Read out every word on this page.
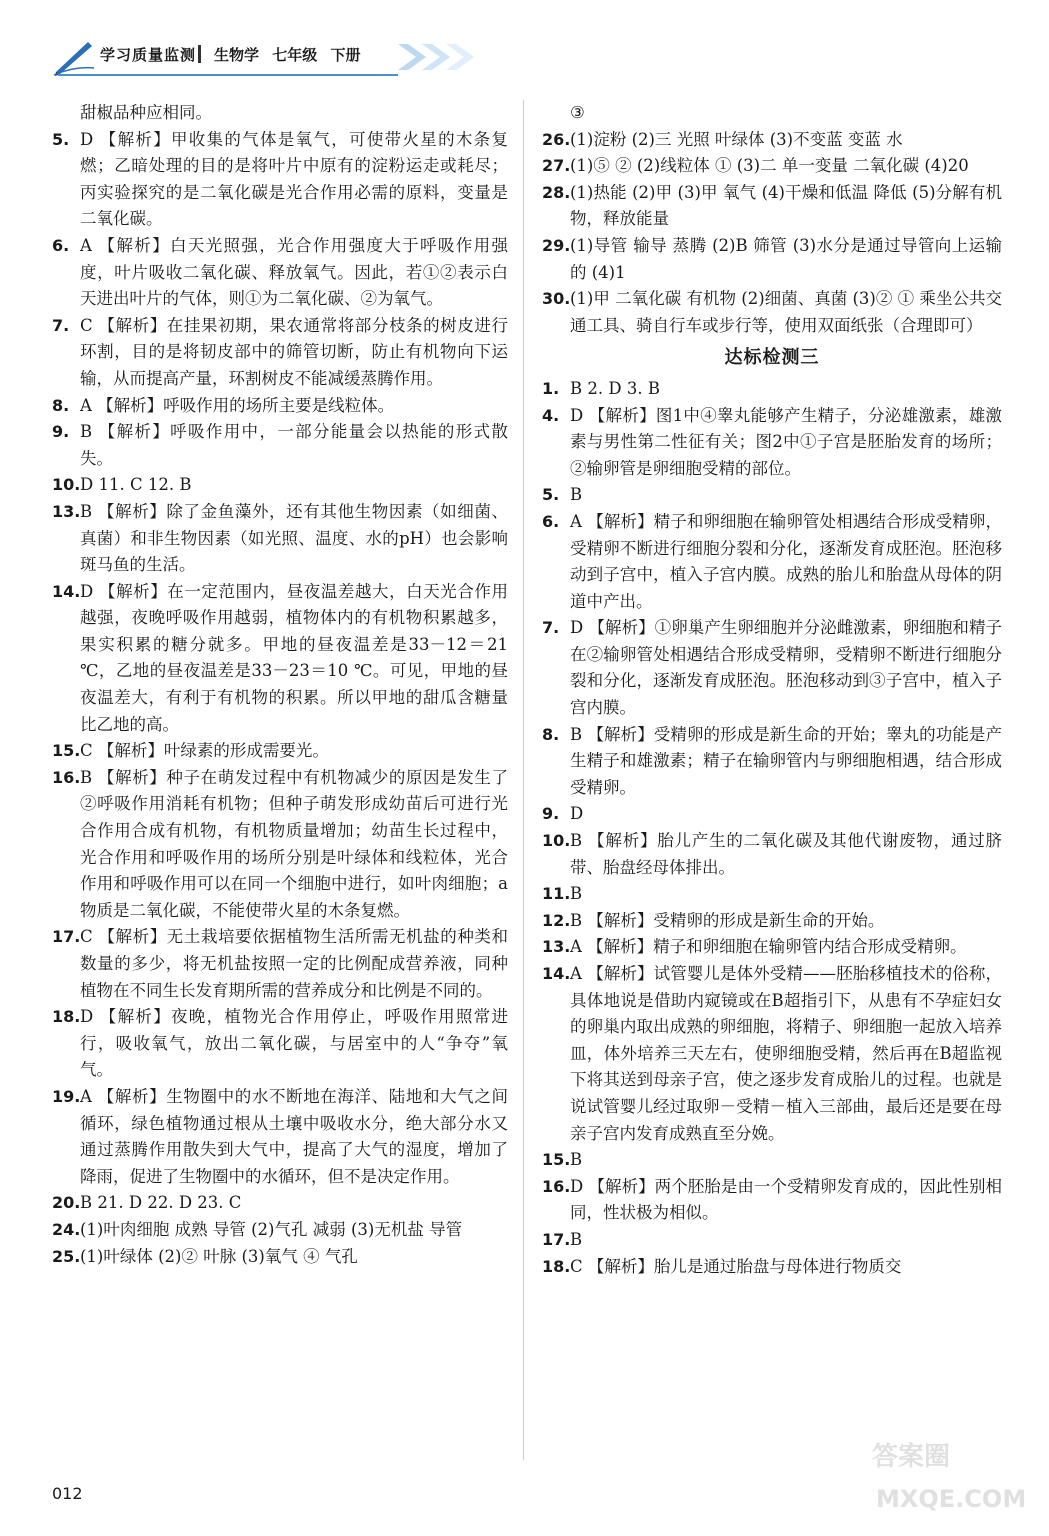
学习质量监测 生物学 七年级 下册
甜椒品种应相同。
5. D 【解析】甲收集的气体是氧气，可使带火星的木条复燃；乙暗处理的目的是将叶片中原有的淀粉运走或耗尽；丙实验探究的是二氧化碳是光合作用必需的原料，变量是二氧化碳。
6. A 【解析】白天光照强，光合作用强度大于呼吸作用强度，叶片吸收二氧化碳、释放氧气。因此，若①②表示白天进出叶片的气体，则①为二氧化碳、②为氧气。
7. C 【解析】在挂果初期，果农通常将部分枝条的树皮进行环割，目的是将韧皮部中的筛管切断，防止有机物向下运输，从而提高产量，环割树皮不能减缓蒸腾作用。
8. A 【解析】呼吸作用的场所主要是线粒体。
9. B 【解析】呼吸作用中，一部分能量会以热能的形式散失。
10. D 11. C 12. B
13. B 【解析】除了金鱼藻外，还有其他生物因素（如细菌、真菌）和非生物因素（如光照、温度、水的pH）也会影响斑马鱼的生活。
14. D 【解析】在一定范围内，昼夜温差越大，白天光合作用越强，夜晚呼吸作用越弱，植物体内的有机物积累越多，果实积累的糖分就多。甲地的昼夜温差是33－12＝21 ℃，乙地的昼夜温差是33－23＝10 ℃。可见，甲地的昼夜温差大，有利于有机物的积累。所以甲地的甜瓜含糖量比乙地的高。
15. C 【解析】叶绿素的形成需要光。
16. B 【解析】种子在萌发过程中有机物减少的原因是发生了②呼吸作用消耗有机物；但种子萌发形成幼苗后可进行光合作用合成有机物，有机物质量增加；幼苗生长过程中，光合作用和呼吸作用的场所分别是叶绿体和线粒体，光合作用和呼吸作用可以在同一个细胞中进行，如叶肉细胞；a物质是二氧化碳，不能使带火星的木条复燃。
17. C 【解析】无土栽培要依据植物生活所需无机盐的种类和数量的多少，将无机盐按照一定的比例配成营养液，同种植物在不同生长发育期所需的营养成分和比例是不同的。
18. D 【解析】夜晚，植物光合作用停止，呼吸作用照常进行，吸收氧气，放出二氧化碳，与居室中的人“争夺”氧气。
19. A 【解析】生物圈中的水不断地在海洋、陆地和大气之间循环，绿色植物通过根从土壤中吸收水分，绝大部分水又通过蒸腾作用散失到大气中，提高了大气的湿度，增加了降雨，促进了生物圈中的水循环，但不是决定作用。
20. B 21. D 22. D 23. C
24. (1)叶肉细胞 成熟 导管 (2)气孔 减弱 (3)无机盐 导管
25. (1)叶绿体 (2)② 叶脉 (3)氧气 ④ 气孔
③
26. (1)淀粉 (2)三 光照 叶绿体 (3)不变蓝 变蓝 水
27. (1)⑤ ② (2)线粒体 ① (3)二 单一变量 二氧化碳 (4)20
28. (1)热能 (2)甲 (3)甲 氧气 (4)干燥和低温 降低 (5)分解有机物，释放能量
29. (1)导管 输导 蒸腾 (2)B 筛管 (3)水分是通过导管向上运输的 (4)1
30. (1)甲 二氧化碳 有机物 (2)细菌、真菌 (3)② ① 乘坐公共交通工具、骑自行车或步行等，使用双面纸张（合理即可）
达标检测三
1. B 2. D 3. B
4. D 【解析】图1中④睾丸能够产生精子，分泌雄激素，雄激素与男性第二性征有关；图2中①子宫是胚胎发育的场所；②输卵管是卵细胞受精的部位。
5. B
6. A 【解析】精子和卵细胞在输卵管处相遇结合形成受精卵，受精卵不断进行细胞分裂和分化，逐渐发育成胚泡。胚泡移动到子宫中，植入子宫内膜。成熟的胎儿和胎盘从母体的阴道中产出。
7. D 【解析】①卵巢产生卵细胞并分泌雌激素，卵细胞和精子在②输卵管处相遇结合形成受精卵，受精卵不断进行细胞分裂和分化，逐渐发育成胚泡。胚泡移动到③子宫中，植入子宫内膜。
8. B 【解析】受精卵的形成是新生命的开始；睾丸的功能是产生精子和雄激素；精子在输卵管内与卵细胞相遇，结合形成受精卵。
9. D
10. B 【解析】胎儿产生的二氧化碳及其他代谢废物，通过脐带、胎盘经母体排出。
11. B
12. B 【解析】受精卵的形成是新生命的开始。
13. A 【解析】精子和卵细胞在输卵管内结合形成受精卵。
14. A 【解析】试管婴儿是体外受精——胚胎移植技术的俗称，具体地说是借助内窥镜或在B超指引下，从患有不孕症妇女的卵巢内取出成熟的卵细胞，将精子、卵细胞一起放入培养皿，体外培养三天左右，使卵细胞受精，然后再在B超监视下将其送到母亲子宫，使之逐步发育成胎儿的过程。也就是说试管婴儿经过取卵－受精－植入三部曲，最后还是要在母亲子宫内发育成熟直至分娩。
15. B
16. D 【解析】两个胚胎是由一个受精卵发育成的，因此性别相同，性状极为相似。
17. B
18. C 【解析】胎儿是通过胎盘与母体进行物质交
012
答案圈
MXQE.COM
